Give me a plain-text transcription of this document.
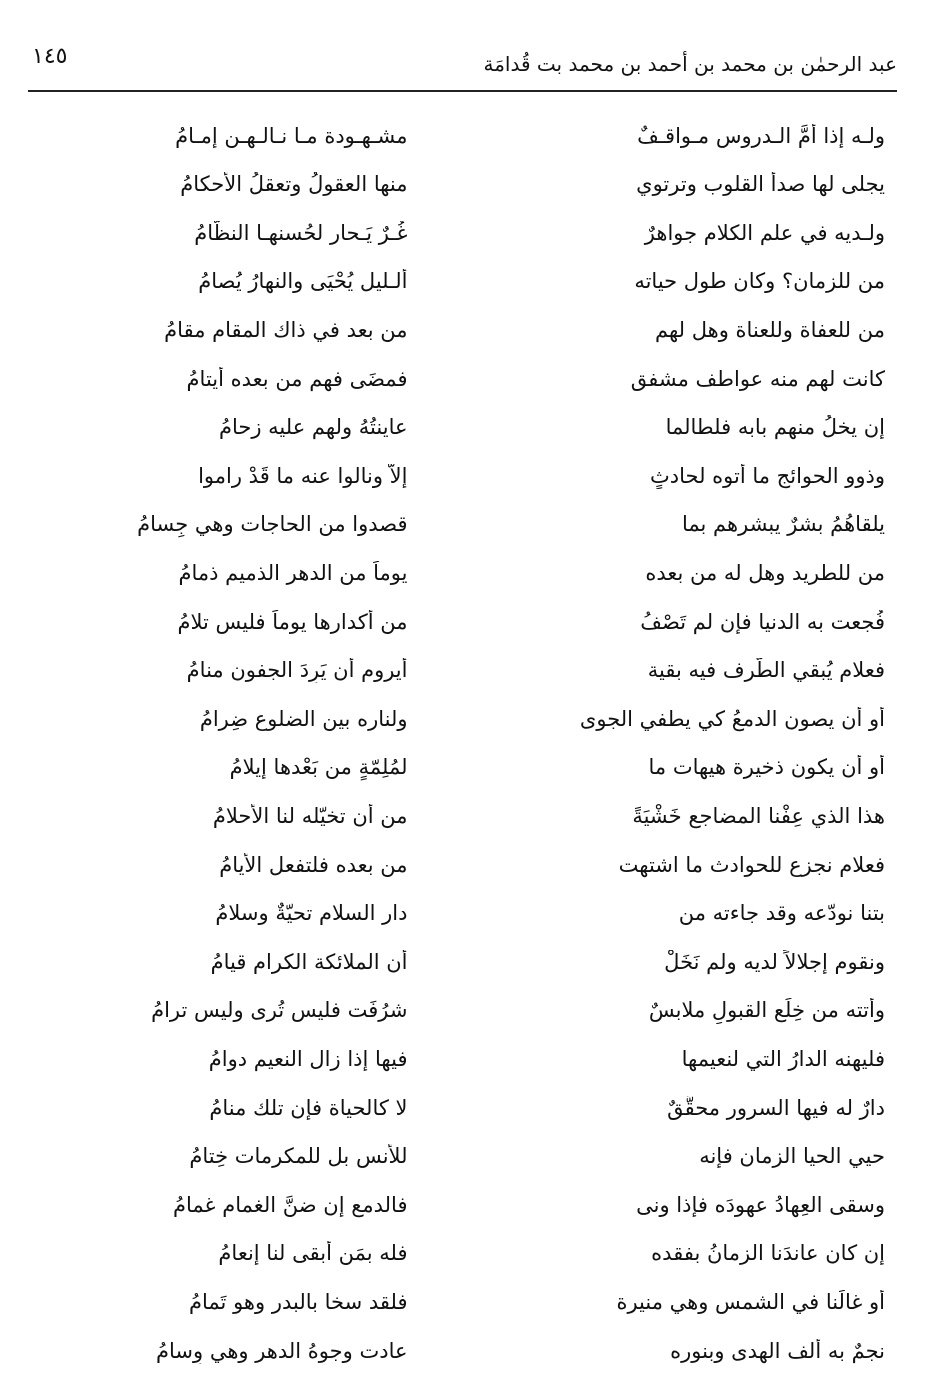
١٤٥	عبد الرحمٰن بن محمد بن أحمد بن محمد بت قُدامَة
ولـه إذا أمَّ الـدروس مـواقـفٌ
مشـهـودة مـا نـالـهـن إمـامُ
يجلى لها صدأ القلوب وترتوي
منها العقولُ وتعقلُ الأحكامُ
ولـديه في علم الكلام جواهرٌ
غُـرٌ يَـحار لحُسنهـا النظّامُ
من للزمان؟ وكان طول حياته
ألـليل يُحْيَى والنهارُ يُصامُ
من للعفاة وللعناة وهل لهم
من بعد في ذاك المقام مقامُ
كانت لهم منه عواطف مشفق
فمضَى فهم من بعده أيتامُ
إن يخلُ منهم بابه فلطالما
عاينتُهُ ولهم عليه زحامُ
وذوو الحوائج ما أتوه لحادثٍ
إلاّ ونالوا عنه ما قَدْ راموا
يلقاهُمُ بشرٌ يبشرهم بما
قصدوا من الحاجات وهي جِسامُ
من للطريد وهل له من بعده
يوماً من الدهر الذميم ذمامُ
فُجعت به الدنيا فإن لم تَصْفُ
من أكدارها يوماً فليس تلامُ
فعلام يُبقي الطَّرف فيه بقية
أيروم أن يَرِدَ الجفون منامُ
أو أن يصون الدمعُ كي يطفي الجوى
ولناره بين الضلوع ضِرامُ
أو أن يكون ذخيرة هيهات ما
لمُلِمّةٍ من بَعْدها إيلامُ
هذا الذي عِفْنا المضاجع خَشْيَةً
من أن تخيّله لنا الأحلامُ
فعلام نجزع للحوادث ما اشتهت
من بعده فلتفعل الأيامُ
بتنا نودّعه وقد جاءته من
دار السلام تحيّةٌ وسلامُ
ونقوم إجلالاً لديه ولم نَخَلْ
أن الملائكة الكرام قيامُ
وأتته من خِلَع القبولِ ملابسٌ
شرُفَت فليس تُرى وليس ترامُ
فليهنه الدارُ التي لنعيمها
فيها إذا زال النعيم دوامُ
دارٌ له فيها السرور محقَّقٌ
لا كالحياة فإن تلك منامُ
حيي الحيا الزمان فإنه
للأنس بل للمكرمات خِتامُ
وسقى العِهادُ عهودَه فإذا ونى
فالدمع إن ضنَّ الغمام غمامُ
إن كان عاندَنا الزمانُ بفقده
فله بمَن أبقى لنا إنعامُ
أو غالَنا في الشمس وهي منيرة
فلقد سخا بالبدر وهو تَمامُ
نجمٌ به ألف الهدى وبنوره
عادت وجوهُ الدهر وهي وِسامُ
